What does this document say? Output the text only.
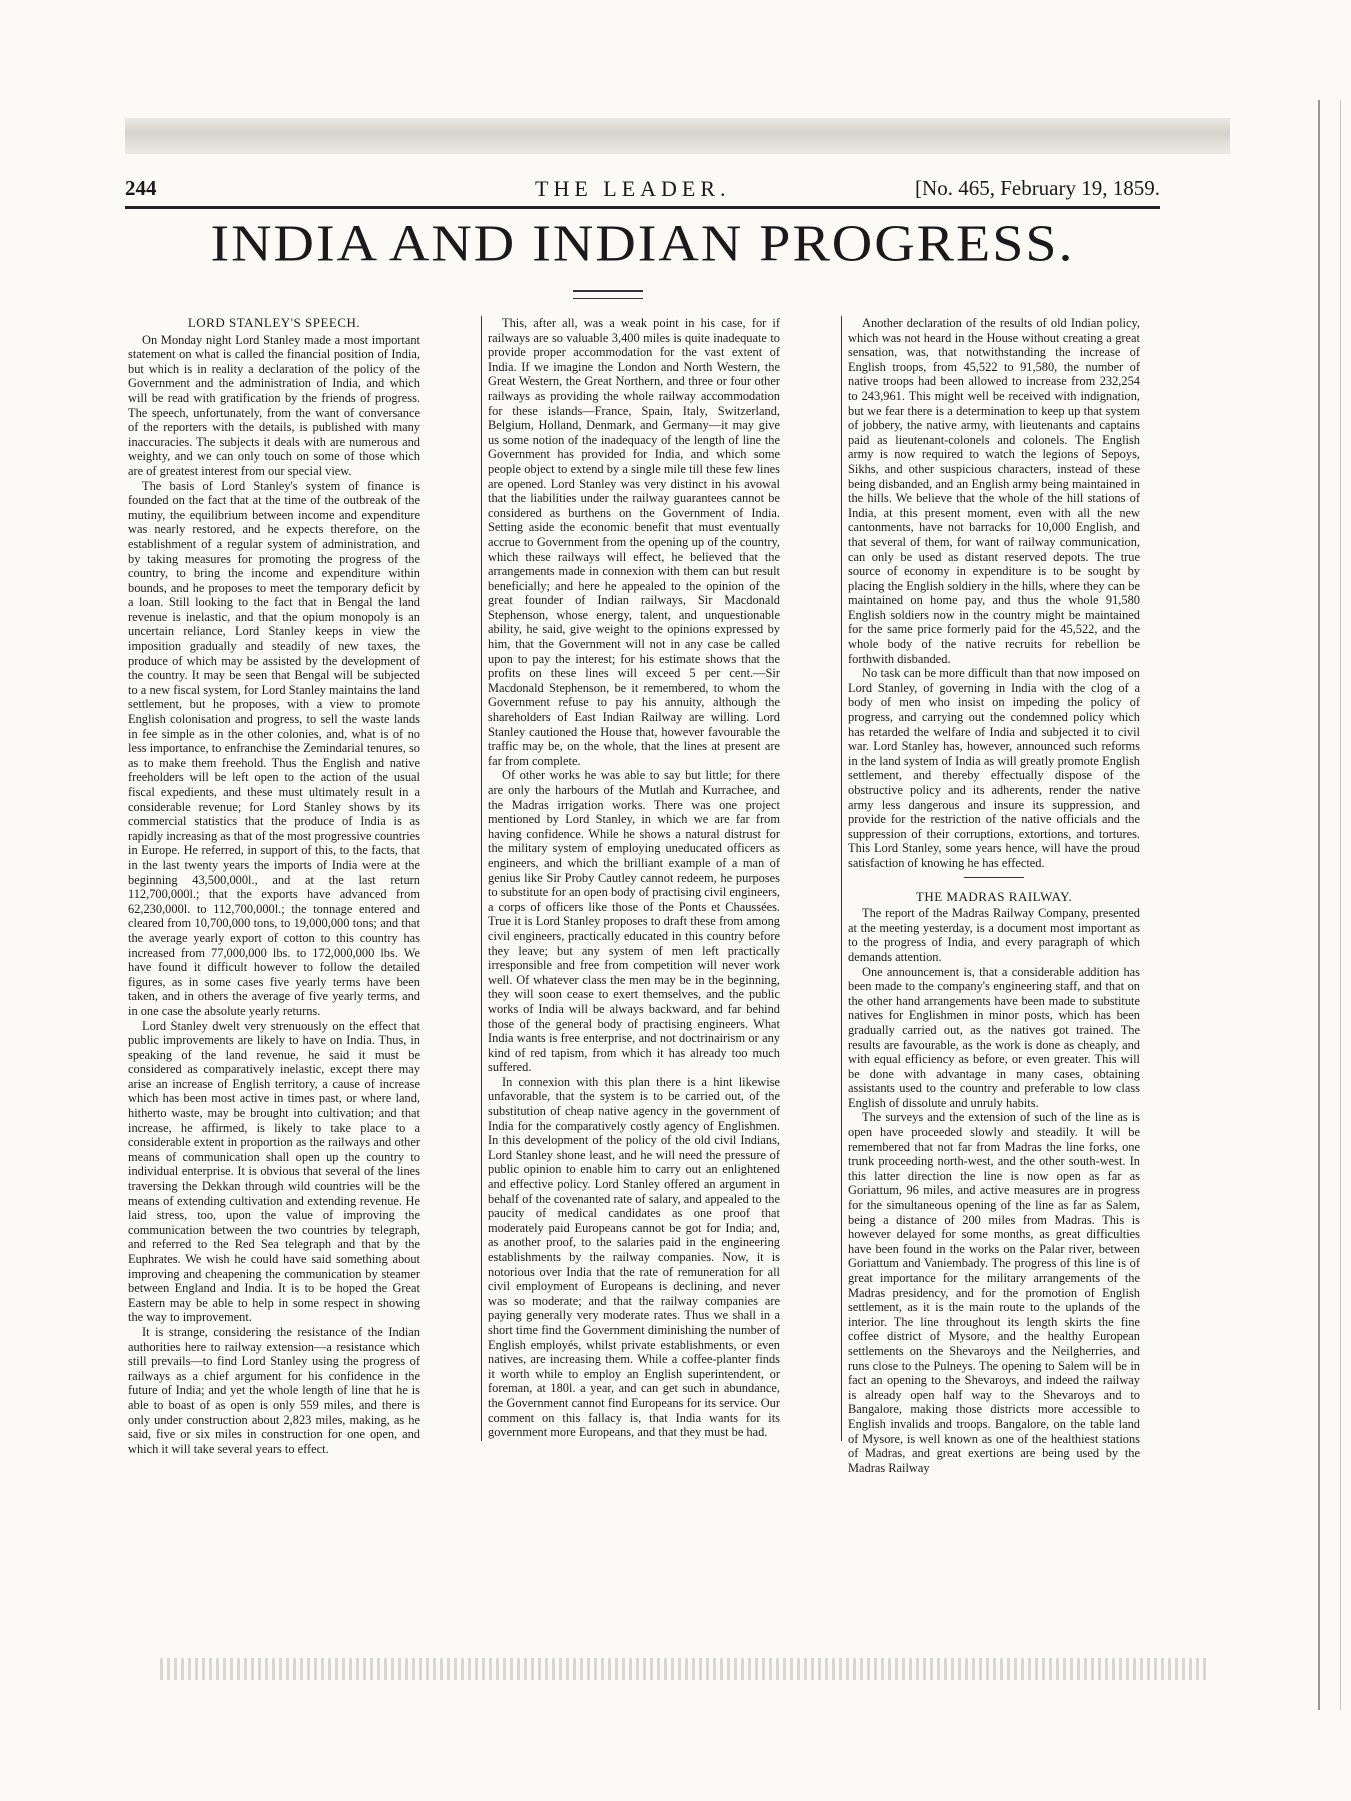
244	THE LEADER.	[No. 465, February 19, 1859.
INDIA AND INDIAN PROGRESS.
LORD STANLEY'S SPEECH.

On Monday night Lord Stanley made a most important statement on what is called the financial position of India, but which is in reality a declaration of the policy of the Government and the administration of India, and which will be read with gratification by the friends of progress. The speech, unfortunately, from the want of conversance of the reporters with the details, is published with many inaccuracies. The subjects it deals with are numerous and weighty, and we can only touch on some of those which are of greatest interest from our special view.

The basis of Lord Stanley's system of finance is founded on the fact that at the time of the outbreak of the mutiny, the equilibrium between income and expenditure was nearly restored, and he expects therefore, on the establishment of a regular system of administration, and by taking measures for promoting the progress of the country, to bring the income and expenditure within bounds, and he proposes to meet the temporary deficit by a loan. Still looking to the fact that in Bengal the land revenue is inelastic, and that the opium monopoly is an uncertain reliance, Lord Stanley keeps in view the imposition gradually and steadily of new taxes, the produce of which may be assisted by the development of the country. It may be seen that Bengal will be subjected to a new fiscal system, for Lord Stanley maintains the land settlement, but he proposes, with a view to promote English colonisation and progress, to sell the waste lands in fee simple as in the other colonies, and, what is of no less importance, to enfranchise the Zemindarial tenures, so as to make them freehold. Thus the English and native freeholders will be left open to the action of the usual fiscal expedients, and these must ultimately result in a considerable revenue; for Lord Stanley shows by its commercial statistics that the produce of India is as rapidly increasing as that of the most progressive countries in Europe. He referred, in support of this, to the facts, that in the last twenty years the imports of India were at the beginning 43,500,000l., and at the last return 112,700,000l.; that the exports have advanced from 62,230,000l. to 112,700,000l.; the tonnage entered and cleared from 10,700,000 tons, to 19,000,000 tons; and that the average yearly export of cotton to this country has increased from 77,000,000 lbs. to 172,000,000 lbs. We have found it difficult however to follow the detailed figures, as in some cases five yearly terms have been taken, and in others the average of five yearly terms, and in one case the absolute yearly returns.

Lord Stanley dwelt very strenuously on the effect that public improvements are likely to have on India. Thus, in speaking of the land revenue, he said it must be considered as comparatively inelastic, except there may arise an increase of English territory, a cause of increase which has been most active in times past, or where land, hitherto waste, may be brought into cultivation; and that increase, he affirmed, is likely to take place to a considerable extent in proportion as the railways and other means of communication shall open up the country to individual enterprise. It is obvious that several of the lines traversing the Dekkan through wild countries will be the means of extending cultivation and extending revenue. He laid stress, too, upon the value of improving the communication between the two countries by telegraph, and referred to the Red Sea telegraph and that by the Euphrates. We wish he could have said something about improving and cheapening the communication by steamer between England and India. It is to be hoped the Great Eastern may be able to help in some respect in showing the way to improvement.

It is strange, considering the resistance of the Indian authorities here to railway extension—a resistance which still prevails—to find Lord Stanley using the progress of railways as a chief argument for his confidence in the future of India; and yet the whole length of line that he is able to boast of as open is only 559 miles, and there is only under construction about 2,823 miles, making, as he said, five or six miles in construction for one open, and which it will take several years to effect.

This, after all, was a weak point in his case, for if railways are so valuable 3,400 miles is quite inadequate to provide proper accommodation for the vast extent of India. If we imagine the London and North Western, the Great Western, the Great Northern, and three or four other railways as providing the whole railway accommodation for these islands—France, Spain, Italy, Switzerland, Belgium, Holland, Denmark, and Germany—it may give us some notion of the inadequacy of the length of line the Government has provided for India, and which some people object to extend by a single mile till these few lines are opened. Lord Stanley was very distinct in his avowal that the liabilities under the railway guarantees cannot be considered as burthens on the Government of India. Setting aside the economic benefit that must eventually accrue to Government from the opening up of the country, which these railways will effect, he believed that the arrangements made in connexion with them can but result beneficially; and here he appealed to the opinion of the great founder of Indian railways, Sir Macdonald Stephenson, whose energy, talent, and unquestionable ability, he said, give weight to the opinions expressed by him, that the Government will not in any case be called upon to pay the interest; for his estimate shows that the profits on these lines will exceed 5 per cent.—Sir Macdonald Stephenson, be it remembered, to whom the Government refuse to pay his annuity, although the shareholders of East Indian Railway are willing. Lord Stanley cautioned the House that, however favourable the traffic may be, on the whole, that the lines at present are far from complete.

Of other works he was able to say but little; for there are only the harbours of the Mutlah and Kurrachee, and the Madras irrigation works. There was one project mentioned by Lord Stanley, in which we are far from having confidence. While he shows a natural distrust for the military system of employing uneducated officers as engineers, and which the brilliant example of a man of genius like Sir Proby Cautley cannot redeem, he purposes to substitute for an open body of practising civil engineers, a corps of officers like those of the Ponts et Chaussées. True it is Lord Stanley proposes to draft these from among civil engineers, practically educated in this country before they leave; but any system of men left practically irresponsible and free from competition will never work well. Of whatever class the men may be in the beginning, they will soon cease to exert themselves, and the public works of India will be always backward, and far behind those of the general body of practising engineers. What India wants is free enterprise, and not doctrinairism or any kind of red tapism, from which it has already too much suffered.

In connexion with this plan there is a hint likewise unfavorable, that the system is to be carried out, of the substitution of cheap native agency in the government of India for the comparatively costly agency of Englishmen. In this development of the policy of the old civil Indians, Lord Stanley shone least, and he will need the pressure of public opinion to enable him to carry out an enlightened and effective policy. Lord Stanley offered an argument in behalf of the covenanted rate of salary, and appealed to the paucity of medical candidates as one proof that moderately paid Europeans cannot be got for India; and, as another proof, to the salaries paid in the engineering establishments by the railway companies. Now, it is notorious over India that the rate of remuneration for all civil employment of Europeans is declining, and never was so moderate; and that the railway companies are paying generally very moderate rates. Thus we shall in a short time find the Government diminishing the number of English employés, whilst private establishments, or even natives, are increasing them. While a coffee-planter finds it worth while to employ an English superintendent, or foreman, at 180l. a year, and can get such in abundance, the Government cannot find Europeans for its service. Our comment on this fallacy is, that India wants for its government more Europeans, and that they must be had.

Another declaration of the results of old Indian policy, which was not heard in the House without creating a great sensation, was, that notwithstanding the increase of English troops, from 45,522 to 91,580, the number of native troops had been allowed to increase from 232,254 to 243,961. This might well be received with indignation, but we fear there is a determination to keep up that system of jobbery, the native army, with lieutenants and captains paid as lieutenant-colonels and colonels. The English army is now required to watch the legions of Sepoys, Sikhs, and other suspicious characters, instead of these being disbanded, and an English army being maintained in the hills. We believe that the whole of the hill stations of India, at this present moment, even with all the new cantonments, have not barracks for 10,000 English, and that several of them, for want of railway communication, can only be used as distant reserved depots. The true source of economy in expenditure is to be sought by placing the English soldiery in the hills, where they can be maintained on home pay, and thus the whole 91,580 English soldiers now in the country might be maintained for the same price formerly paid for the 45,522, and the whole body of the native recruits for rebellion be forthwith disbanded.

No task can be more difficult than that now imposed on Lord Stanley, of governing in India with the clog of a body of men who insist on impeding the policy of progress, and carrying out the condemned policy which has retarded the welfare of India and subjected it to civil war. Lord Stanley has, however, announced such reforms in the land system of India as will greatly promote English settlement, and thereby effectually dispose of the obstructive policy and its adherents, render the native army less dangerous and insure its suppression, and provide for the restriction of the native officials and the suppression of their corruptions, extortions, and tortures. This Lord Stanley, some years hence, will have the proud satisfaction of knowing he has effected.

THE MADRAS RAILWAY.

The report of the Madras Railway Company, presented at the meeting yesterday, is a document most important as to the progress of India, and every paragraph of which demands attention.

One announcement is, that a considerable addition has been made to the company's engineering staff, and that on the other hand arrangements have been made to substitute natives for Englishmen in minor posts, which has been gradually carried out, as the natives got trained. The results are favourable, as the work is done as cheaply, and with equal efficiency as before, or even greater. This will be done with advantage in many cases, obtaining assistants used to the country and preferable to low class English of dissolute and unruly habits.

The surveys and the extension of such of the line as is open have proceeded slowly and steadily. It will be remembered that not far from Madras the line forks, one trunk proceeding north-west, and the other south-west. In this latter direction the line is now open as far as Goriattum, 96 miles, and active measures are in progress for the simultaneous opening of the line as far as Salem, being a distance of 200 miles from Madras. This is however delayed for some months, as great difficulties have been found in the works on the Palar river, between Goriattum and Vaniembady. The progress of this line is of great importance for the military arrangements of the Madras presidency, and for the promotion of English settlement, as it is the main route to the uplands of the interior. The line throughout its length skirts the fine coffee district of Mysore, and the healthy European settlements on the Shevaroys and the Neilgherries, and runs close to the Pulneys. The opening to Salem will be in fact an opening to the Shevaroys, and indeed the railway is already open half way to the Shevaroys and to Bangalore, making those districts more accessible to English invalids and troops. Bangalore, on the table land of Mysore, is well known as one of the healthiest stations of Madras, and great exertions are being used by the Madras Railway
